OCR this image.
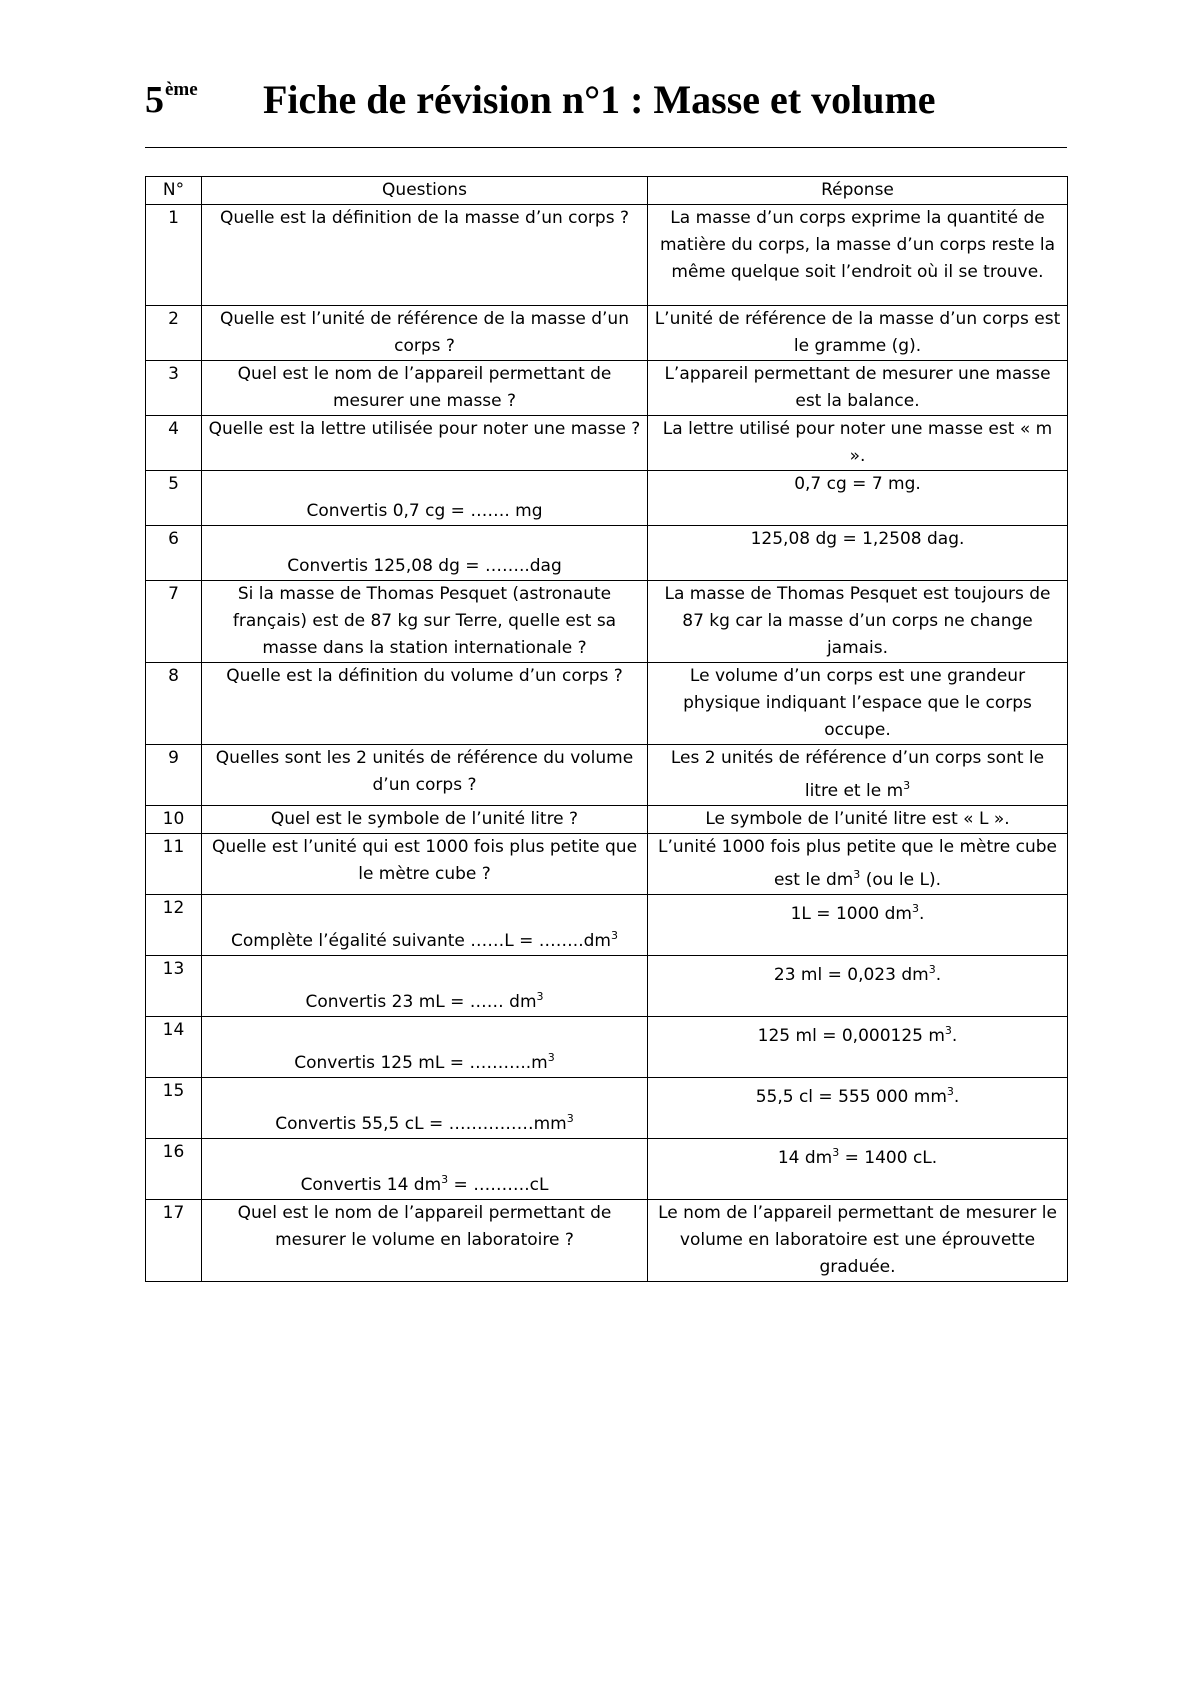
5ème Fiche de révision n°1 : Masse et volume
N°	Questions	Réponse
1	Quelle est la définition de la masse d’un corps ?	La masse d’un corps exprime la quantité de matière du corps, la masse d’un corps reste la même quelque soit l’endroit où il se trouve.
2	Quelle est l’unité de référence de la masse d’un corps ?	L’unité de référence de la masse d’un corps est le gramme (g).
3	Quel est le nom de l’appareil permettant de mesurer une masse ?	L’appareil permettant de mesurer une masse est la balance.
4	Quelle est la lettre utilisée pour noter une masse ?	La lettre utilisé pour noter une masse est « m ».
5	Convertis 0,7 cg = ……. mg	0,7 cg = 7 mg.
6	Convertis 125,08 dg = ……..dag	125,08 dg = 1,2508 dag.
7	Si la masse de Thomas Pesquet (astronaute français) est de 87 kg sur Terre, quelle est sa masse dans la station internationale ?	La masse de Thomas Pesquet est toujours de 87 kg car la masse d’un corps ne change jamais.
8	Quelle est la définition du volume d’un corps ?	Le volume d’un corps est une grandeur physique indiquant l’espace que le corps occupe.
9	Quelles sont les 2 unités de référence du volume d’un corps ?	Les 2 unités de référence d’un corps sont le litre et le $m^3$
10	Quel est le symbole de l’unité litre ?	Le symbole de l’unité litre est « L ».
11	Quelle est l’unité qui est 1000 fois plus petite que le mètre cube ?	L’unité 1000 fois plus petite que le mètre cube est le $dm^3$ (ou le L).
12	Complète l’égalité suivante ……L = $\dots\dots..dm^3$	1L = 1000 $dm^3$.
13	Convertis 23 mL = …… $dm^3$	23 ml = 0,023 $dm^3$.
14	Convertis 125 mL = $\dots\dots\dots..m^3$	125 ml = 0,000125 $m^3$.
15	Convertis 55,5 cL = $\dots\dots\dots\dots\dots mm^3$	55,5 cl = 555 000 $mm^3$.
16	Convertis 14 $dm^3$ = ……….cL	14 $dm^3 = 1400$ cL.
17	Quel est le nom de l’appareil permettant de mesurer le volume en laboratoire ?	Le nom de l’appareil permettant de mesurer le volume en laboratoire est une éprouvette graduée.
